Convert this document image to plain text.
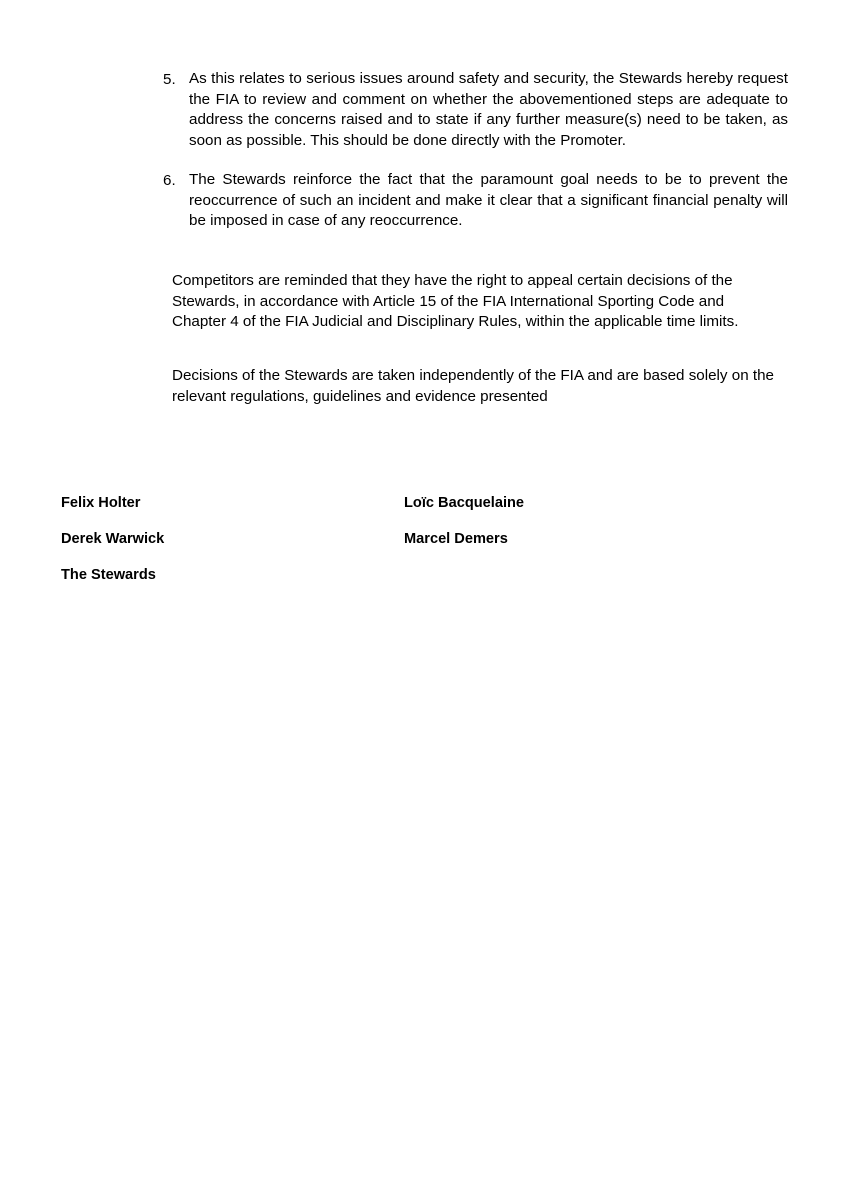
5. As this relates to serious issues around safety and security, the Stewards hereby request the FIA to review and comment on whether the abovementioned steps are adequate to address the concerns raised and to state if any further measure(s) need to be taken, as soon as possible. This should be done directly with the Promoter.
6. The Stewards reinforce the fact that the paramount goal needs to be to prevent the reoccurrence of such an incident and make it clear that a significant financial penalty will be imposed in case of any reoccurrence.

Competitors are reminded that they have the right to appeal certain decisions of the Stewards, in accordance with Article 15 of the FIA International Sporting Code and Chapter 4 of the FIA Judicial and Disciplinary Rules, within the applicable time limits.

Decisions of the Stewards are taken independently of the FIA and are based solely on the relevant regulations, guidelines and evidence presented

Felix Holter	Loïc Bacquelaine

Derek Warwick	Marcel Demers

The Stewards
